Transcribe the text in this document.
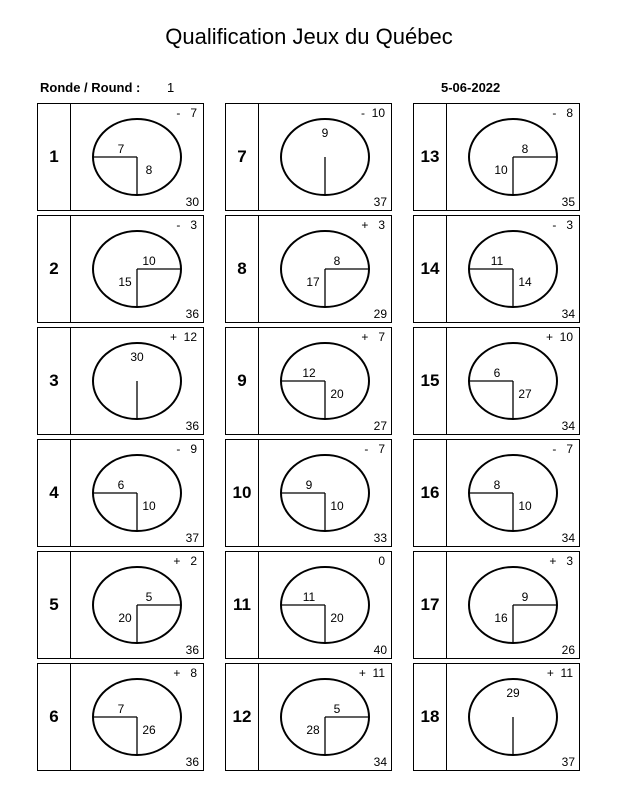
Qualification Jeux du Québec
Ronde / Round : 1	5-06-2022
1
-   7
30
7
8
2
-   3
36
10
15
3
+  12
36
30
4
-   9
37
6
10
5
+   2
36
5
20
6
+   8
36
7
26
7
-  10
37
9
8
+   3
29
8
17
9
+   7
27
12
20
10
-   7
33
9
10
11
0
40
11
20
12
+  11
34
5
28
13
-   8
35
8
10
14
-   3
34
11
14
15
+  10
34
6
27
16
-   7
34
8
10
17
+   3
26
9
16
18
+  11
37
29
